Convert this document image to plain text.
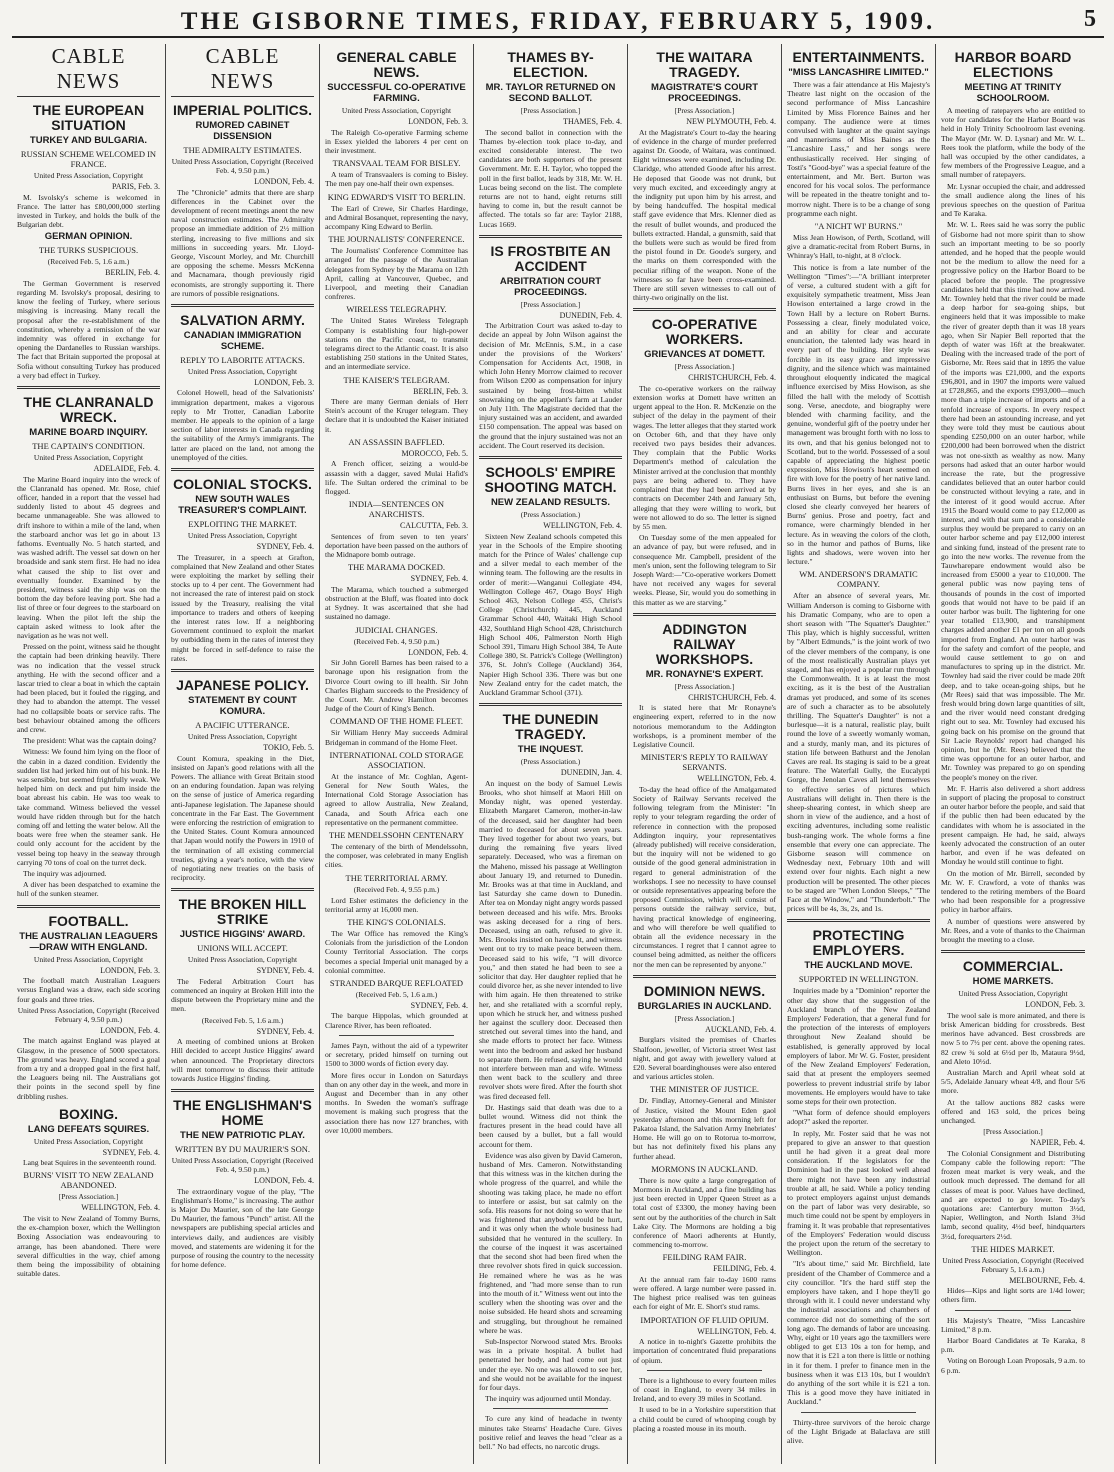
THE GISBORNE TIMES, FRIDAY, FEBRUARY 5, 1909.	5
CABLE NEWS
THE EUROPEAN SITUATION
TURKEY AND BULGARIA.
RUSSIAN SCHEME WELCOMED IN FRANCE.
United Press Association, Copyright
PARIS, Feb. 3.

M. Isvolsky's scheme is welcomed in France. The latter has £80,000,000 sterling invested in Turkey, and holds the bulk of the Bulgarian debt.

GERMAN OPINION.
THE TURKS SUSPICIOUS.
(Received Feb. 5, 1.6 a.m.)
BERLIN, Feb. 4.

The German Government is reserved regarding M. Isvolsky's proposal, desiring to know the feeling of Turkey, where serious misgiving is increasing. Many recall the proposal after the re-establishment of the constitution, whereby a remission of the war indemnity was offered in exchange for opening the Dardanelles to Russian warships. The fact that Britain supported the proposal at Sofia without consulting Turkey has produced a very bad effect in Turkey.

THE CLANRANALD WRECK.
MARINE BOARD INQUIRY.
THE CAPTAIN'S CONDITION.
United Press Association, Copyright
ADELAIDE, Feb. 4.

The Marine Board inquiry into the wreck of the Clanranald has opened. Mr. Rose, chief officer, handed in a report that the vessel had suddenly listed to about 45 degrees and became unmanageable. She was allowed to drift inshore to within a mile of the land, when the starboard anchor was let go in about 13 fathoms. Eventually No. 5 hatch started, and was washed adrift. The vessel sat down on her broadside and sank stern first. He had no idea what caused the ship to list over and eventually founder. Examined by the president, witness said the ship was on the bottom the day before leaving port. She had a list of three or four degrees to the starboard on leaving. When the pilot left the ship the captain asked witness to look after the navigation as he was not well.

Pressed on the point, witness said he thought the captain had been drinking heavily. There was no indication that the vessel struck anything. He with the second officer and a lascar tried to clear a boat in which the captain had been placed, but it fouled the rigging, and they had to abandon the attempt. The vessel had no collapsible boats or service rafts. The best behaviour obtained among the officers and crew.

The president: What was the captain doing?

Witness: We found him lying on the floor of the cabin in a dazed condition. Evidently the sudden list had jerked him out of his bunk. He was sensible, but seemed frightfully weak. We helped him on deck and put him inside the boat abreast his cabin. He was too weak to take command. Witness believed the vessel would have ridden through but for the hatch coming off and letting the water below. All the boats were free when the steamer sank. He could only account for the accident by the vessel being top heavy in the seaway through carrying 70 tons of coal on the turret deck.

The inquiry was adjourned.

A diver has been despatched to examine the hull of the sunken steamer.

FOOTBALL.
THE AUSTRALIAN LEAGUERS—DRAW WITH ENGLAND.
United Press Association, Copyright
LONDON, Feb. 3.

The football match Australian Leaguers versus England was a draw, each side scoring four goals and three tries.

United Press Association, Copyright (Received February 4, 9.50 p.m.)
LONDON, Feb. 4.

The match against England was played at Glasgow, in the presence of 5000 spectators. The ground was heavy. England scored a goal from a try and a dropped goal in the first half, the Leaguers being nil. The Australians got their points in the second spell by fine dribbling rushes.

BOXING.
LANG DEFEATS SQUIRES.
United Press Association, Copyright
SYDNEY, Feb. 4.

Lang beat Squires in the seventeenth round.

BURNS' VISIT TO NEW ZEALAND ABANDONED.
[Press Association.]
WELLINGTON, Feb. 4.

The visit to New Zealand of Tommy Burns, the ex-champion boxer, which the Wellington Boxing Association was endeavouring to arrange, has been abandoned. There were several difficulties in the way, chief among them being the impossibility of obtaining suitable dates.

CABLE NEWS
IMPERIAL POLITICS.
RUMORED CABINET DISSENSION
THE ADMIRALTY ESTIMATES.
United Press Association, Copyright (Received Feb. 4, 9.50 p.m.)
LONDON, Feb. 4.

The "Chronicle" admits that there are sharp differences in the Cabinet over the development of recent meetings anent the new naval construction estimates. The Admiralty propose an immediate addition of 2½ million sterling, increasing to five millions and six millions in succeeding years. Mr. Lloyd-George, Viscount Morley, and Mr. Churchill are opposing the scheme. Messrs McKenna and Macnamara, though previously rigid economists, are strongly supporting it. There are rumors of possible resignations.

SALVATION ARMY.
CANADIAN IMMIGRATION SCHEME.
REPLY TO LABORITE ATTACKS.
United Press Association, Copyright
LONDON, Feb. 3.

Colonel Howell, head of the Salvationists' immigration department, makes a vigorous reply to Mr Trotter, Canadian Laborite member. He appeals to the opinion of a large section of labor interests in Canada regarding the suitability of the Army's immigrants. The latter are placed on the land, not among the unemployed of the cities.

COLONIAL STOCKS.
NEW SOUTH WALES TREASURER'S COMPLAINT.
EXPLOITING THE MARKET.
United Press Association, Copyright
SYDNEY, Feb. 4.

The Treasurer, in a speech at Grafton, complained that New Zealand and other States were exploiting the market by selling their stocks up to 4 per cent. The Government had not increased the rate of interest paid on stock issued by the Treasury, realising the vital importance to traders and others of keeping the interest rates low. If a neighboring Government continued to exploit the market by outbidding them in the rates of interest they might be forced in self-defence to raise the rates.

JAPANESE POLICY.
STATEMENT BY COUNT KOMURA.
A PACIFIC UTTERANCE.
United Press Association, Copyright
TOKIO, Feb. 5.

Count Komura, speaking in the Diet, insisted on Japan's good relations with all the Powers. The alliance with Great Britain stood on an enduring foundation. Japan was relying on the sense of justice of America regarding anti-Japanese legislation. The Japanese should concentrate in the Far East. The Government were enforcing the restriction of emigration to the United States. Count Komura announced that Japan would notify the Powers in 1910 of the termination of all existing commercial treaties, giving a year's notice, with the view of negotiating new treaties on the basis of reciprocity.

THE BROKEN HILL STRIKE
JUSTICE HIGGINS' AWARD.
UNIONS WILL ACCEPT.
United Press Association, Copyright
SYDNEY, Feb. 4.

The Federal Arbitration Court has commenced an inquiry at Broken Hill into the dispute between the Proprietary mine and the men.

(Received Feb. 5, 1.6 a.m.)
SYDNEY, Feb. 4.

A meeting of combined unions at Broken Hill decided to accept Justice Higgins' award when announced. The Proprietary directors will meet tomorrow to discuss their attitude towards Justice Higgins' finding.

THE ENGLISHMAN'S HOME
THE NEW PATRIOTIC PLAY.
WRITTEN BY DU MAURIER'S SON.
United Press Association, Copyright (Received Feb. 4, 9.50 p.m.)
LONDON, Feb. 4.

The extraordinary vogue of the play, "The Englishman's Home," is increasing. The author is Major Du Maurier, son of the late George Du Maurier, the famous "Punch" artist. All the newspapers are publishing special articles and interviews daily, and audiences are visibly moved, and statements are widening it for the purpose of rousing the country to the necessity for home defence.

GENERAL CABLE NEWS.
SUCCESSFUL CO-OPERATIVE FARMING.
United Press Association, Copyright
LONDON, Feb. 3.

The Raleigh Co-operative Farming scheme in Essex yielded the laborers 4 per cent on their investment.

TRANSVAAL TEAM FOR BISLEY.

A team of Transvaalers is coming to Bisley. The men pay one-half their own expenses.

KING EDWARD'S VISIT TO BERLIN.

The Earl of Crewe, Sir Charles Hardinge, and Admiral Bosanquet, representing the navy, accompany King Edward to Berlin.

THE JOURNALISTS' CONFERENCE.

The Journalists' Conference Committee has arranged for the passage of the Australian delegates from Sydney by the Marama on 12th April, calling at Vancouver, Quebec, and Liverpool, and meeting their Canadian confreres.

WIRELESS TELEGRAPHY.

The United States Wireless Telegraph Company is establishing four high-power stations on the Pacific coast, to transmit telegrams direct to the Atlantic coast. It is also establishing 250 stations in the United States, and an intermediate service.

THE KAISER'S TELEGRAM.
BERLIN, Feb. 3.

There are many German denials of Herr Stein's account of the Kruger telegram. They declare that it is undoubted the Kaiser initiated it.

AN ASSASSIN BAFFLED.
MOROCCO, Feb. 5.

A French officer, seizing a would-be assassin with a dagger, saved Mulai Hafid's life. The Sultan ordered the criminal to be flogged.

INDIA—SENTENCES ON ANARCHISTS.
CALCUTTA, Feb. 3.

Sentences of from seven to ten years' deportation have been passed on the authors of the Midnapore bomb outrage.

THE MARAMA DOCKED.
SYDNEY, Feb. 4.

The Marama, which touched a submerged obstruction at the Bluff, was floated into dock at Sydney. It was ascertained that she had sustained no damage.

JUDICIAL CHANGES.
(Received Feb. 4, 9.50 p.m.)
LONDON, Feb. 4.

Sir John Gorell Barnes has been raised to a baronage upon his resignation from the Divorce Court owing to ill health. Sir John Charles Bigham succeeds to the Presidency of the Court. Mr. Andrew Hamilton becomes Judge of the Court of King's Bench.

COMMAND OF THE HOME FLEET.

Sir William Henry May succeeds Admiral Bridgeman in command of the Home Fleet.

INTERNATIONAL COLD STORAGE ASSOCIATION.

At the instance of Mr. Coghlan, Agent-General for New South Wales, the International Cold Storage Association has agreed to allow Australia, New Zealand, Canada, and South Africa each one representative on the permanent committee.

THE MENDELSSOHN CENTENARY

The centenary of the birth of Mendelssohn, the composer, was celebrated in many English cities.

THE TERRITORIAL ARMY.
(Received Feb. 4, 9.55 p.m.)

Lord Esher estimates the deficiency in the territorial army at 16,000 men.

THE KING'S COLONIALS.

The War Office has removed the King's Colonials from the jurisdiction of the London County Territorial Association. The corps becomes a special Imperial unit managed by a colonial committee.

STRANDED BARQUE REFLOATED
(Received Feb. 5, 1.6 a.m.)
SYDNEY, Feb. 4.

The barque Hippolas, which grounded at Clarence River, has been refloated.

James Payn, without the aid of a typewriter or secretary, prided himself on turning out 1500 to 3000 words of fiction every day.

More fires occur in London on Saturdays than on any other day in the week, and more in August and December than in any other months. In Sweden the woman's suffrage movement is making such progress that the association there has now 127 branches, with over 10,000 members.

THAMES BY-ELECTION.
MR. TAYLOR RETURNED ON SECOND BALLOT.
[Press Association.]
THAMES, Feb. 4.

The second ballot in connection with the Thames by-election took place to-day, and excited considerable interest. The two candidates are both supporters of the present Government. Mr. E. H. Taylor, who topped the poll in the first ballot, leads by 318, Mr. W. H. Lucas being second on the list. The complete returns are not to hand, eight returns still having to come in, but the result cannot be affected. The totals so far are: Taylor 2188, Lucas 1669.

IS FROSTBITE AN ACCIDENT
ARBITRATION COURT PROCEEDINGS.
[Press Association.]
DUNEDIN, Feb. 4.

The Arbitration Court was asked to-day to decide an appeal by John Wilson against the decision of Mr. McEnnis, S.M., in a case under the provisions of the Workers' Compensation for Accidents Act, 1908, in which John Henry Morrow claimed to recover from Wilson £200 as compensation for injury sustained by being frost-bitten whilst snowraking on the appellant's farm at Lauder on July 11th. The Magistrate decided that the injury sustained was an accident, and awarded £150 compensation. The appeal was based on the ground that the injury sustained was not an accident. The Court reserved its decision.

SCHOOLS' EMPIRE SHOOTING MATCH.
NEW ZEALAND RESULTS.
(Press Association.)
WELLINGTON, Feb. 4.

Sixteen New Zealand schools competed this year in the Schools of the Empire shooting match for the Prince of Wales' challenge cup and a silver medal to each member of the winning team. The following are the results in order of merit:—Wanganui Collegiate 494, Wellington College 467, Otago Boys' High School 463, Nelson College 455, Christ's College (Christchurch) 445, Auckland Grammar School 440, Waitaki High School 432, Southland High School 428, Christchurch High School 406, Palmerston North High School 391, Timaru High School 384, Te Aute College 380, St. Patrick's College (Wellington) 376, St. John's College (Auckland) 364, Napier High School 336. There was but one New Zealand entry for the cadet match, the Auckland Grammar School (371).

THE DUNEDIN TRAGEDY.
THE INQUEST.
(Press Association.)
DUNEDIN, Jan. 4.

An inquest on the body of Samuel Lewis Brooks, who shot himself at Maori Hill on Monday night, was opened yesterday. Elizabeth Margaret Cameron, mother-in-law of the deceased, said her daughter had been married to deceased for about seven years. They lived together for about two years, but during the remaining five years lived separately. Deceased, who was a fireman on the Maheno, missed his passage at Wellington about January 19, and returned to Dunedin. Mr. Brooks was at that time in Auckland, and last Saturday she came down to Dunedin. After tea on Monday night angry words passed between deceased and his wife. Mrs. Brooks was asking deceased for a ring of hers. Deceased, using an oath, refused to give it. Mrs. Brooks insisted on having it, and witness went out to try to make peace between them. Deceased said to his wife, "I will divorce you," and then stated he had been to see a solicitor that day. Her daughter replied that he could divorce her, as she never intended to live with him again. He then threatened to strike her, and she retaliated with a scornful reply, upon which he struck her, and witness pushed her against the scullery door. Deceased then stretched out several times into the hand, and she made efforts to protect her face. Witness went into the bedroom and asked her husband to separate them. He refused, saying he would not interfere between man and wife. Witness then went back to the scullery and three revolver shots were fired. After the fourth shot was fired deceased fell.

Dr. Hastings said that death was due to a bullet wound. Witness did not think the fractures present in the head could have all been caused by a bullet, but a fall would account for them.

Evidence was also given by David Cameron, husband of Mrs. Cameron. Notwithstanding that this witness was in the kitchen during the whole progress of the quarrel, and while the shooting was taking place, he made no effort to interfere or assist, but sat calmly on the sofa. His reasons for not doing so were that he was frightened that anybody would be hurt, and it was only when the whole business had subsided that he ventured in the scullery. In the course of the inquest it was ascertained that the second shot had been fired when the three revolver shots fired in quick succession. He remained where he was as he was frightened, and "had more sense than to run into the mouth of it." Witness went out into the scullery when the shooting was over and the noise subsided. He heard shots and screaming and struggling, but throughout he remained where he was.

Sub-Inspector Norwood stated Mrs. Brooks was in a private hospital. A bullet had penetrated her body, and had come out just under the eye. No one was allowed to see her, and she would not be available for the inquest for four days.

The inquiry was adjourned until Monday.

To cure any kind of headache in twenty minutes take Stearns' Headache Cure. Gives positive relief and leaves the head "clear as a bell." No bad effects, no narcotic drugs.

THE WAITARA TRAGEDY.
MAGISTRATE'S COURT PROCEEDINGS.
[Press Association.]
NEW PLYMOUTH, Feb. 4.

At the Magistrate's Court to-day the hearing of evidence in the charge of murder preferred against Dr. Goode, of Waitara, was continued. Eight witnesses were examined, including Dr. Claridge, who attended Goode after his arrest. He deposed that Goode was not drunk, but very much excited, and exceedingly angry at the indignity put upon him by his arrest, and by being handcuffed. The hospital medical staff gave evidence that Mrs. Klenner died as the result of bullet wounds, and produced the bullets extracted. Handal, a gunsmith, said that the bullets were such as would be fired from the pistol found in Dr. Goode's surgery, and the marks on them corresponded with the peculiar rifling of the weapon. None of the witnesses so far have been cross-examined. There are still seven witnesses to call out of thirty-two originally on the list.

CO-OPERATIVE WORKERS.
GRIEVANCES AT DOMETT.
[Press Association.]
CHRISTCHURCH, Feb. 4.

The co-operative workers on the railway extension works at Domett have written an urgent appeal to the Hon. R. McKenzie on the subject of the delay in the payment of their wages. The letter alleges that they started work on October 6th, and that they have only received two pays besides their advances. They complain that the Public Works Department's method of calculation the Minister arrived at the conclusion that monthly pays are being adhered to. They have complained that they had been arrived at by contracts on December 24th and January 5th, alleging that they were willing to work, but were not allowed to do so. The letter is signed by 55 men.

On Tuesday some of the men appealed for an advance of pay, but were refused, and in consequence Mr. Campbell, president of the men's union, sent the following telegram to Sir Joseph Ward:—"Co-operative workers Domett have not received any wages for several weeks. Please, Sir, would you do something in this matter as we are starving."

ADDINGTON RAILWAY WORKSHOPS.
MR. RONAYNE'S EXPERT.
[Press Association.]
CHRISTCHURCH, Feb. 4.

It is stated here that Mr Ronayne's engineering expert, referred to in the now notorious memorandum to the Addington workshops, is a prominent member of the Legislative Council.

MINISTER'S REPLY TO RAILWAY SERVANTS.
WELLINGTON, Feb. 4.

To-day the head office of the Amalgamated Society of Railway Servants received the following telegram from the Minister: "In reply to your telegram regarding the order of reference in connection with the proposed Addington inquiry, your representatives (already published) will receive consideration, but the inquiry will not be widened to go outside of the good general administration in regard to general administration of the workshops. I see no necessity to have counsel or outside representatives appearing before the proposed Commission, which will consist of persons outside the railway service, but, having practical knowledge of engineering, and who will therefore be well qualified to obtain all the evidence necessary in the circumstances. I regret that I cannot agree to counsel being admitted, as neither the officers nor the men can be represented by anyone."

DOMINION NEWS.
BURGLARIES IN AUCKLAND.
[Press Association.]
AUCKLAND, Feb. 4.

Burglars visited the premises of Charles Shalfoon, jeweller, of Victoria street West last night, and got away with jewellery valued at £20. Several boardinghouses were also entered and various articles stolen.

THE MINISTER OF JUSTICE.

Dr. Findlay, Attorney-General and Minister of Justice, visited the Mount Eden gaol yesterday afternoon and this morning left for Pakatoa Island, the Salvation Army Inebriates' Home. He will go on to Rotorua to-morrow, but has not definitely fixed his plans any further ahead.

MORMONS IN AUCKLAND.

There is now quite a large congregation of Mormons in Auckland, and a fine building has just been erected in Upper Queen Street as a total cost of £3300, the money having been sent out by the authorities of the church in Salt Lake City. The Mormons are holding a big conference of Maori adherents at Huntly, commencing to-morrow.

FEILDING RAM FAIR.
FEILDING, Feb. 4.

At the annual ram fair to-day 1600 rams were offered. A large number were passed in. The highest price realised was ten guineas each for eight of Mr. E. Short's stud rams.

IMPORTATION OF FLUID OPIUM.
WELLINGTON, Feb. 4.

A notice in to-night's Gazette prohibits the importation of concentrated fluid preparations of opium.

There is a lighthouse to every fourteen miles of coast in England, to every 34 miles in Ireland, and to every 39 miles in Scotland.

It used to be in a Yorkshire superstition that a child could be cured of whooping cough by placing a roasted mouse in its mouth.

ENTERTAINMENTS.
"MISS LANCASHIRE LIMITED."

There was a fair attendance at His Majesty's Theatre last night on the occasion of the second performance of Miss Lancashire Limited by Miss Florence Baines and her company. The audience were at times convulsed with laughter at the quaint sayings and mannerisms of Miss Baines as the "Lancashire Lass," and her songs were enthusiastically received. Her singing of Tosti's "Good-bye" was a special feature of the entertainment, and Mr. Bert. Burton was encored for his vocal solos. The performance will be repeated in the theatre tonight and to-morrow night. There is to be a change of song programme each night.

"A NICHT WI' BURNS."

Miss Jean Howison, of Perth, Scotland, will give a dramatic-recital from Robert Burns, in Whinray's Hall, to-night, at 8 o'clock.

This notice is from a late number of the Wellington "Times":—"A brilliant interpreter of verse, a cultured student with a gift for exquisitely sympathetic treatment, Miss Jean Howison entertained a large crowd in the Town Hall by a lecture on Robert Burns. Possessing a clear, finely modulated voice, and an ability for clear and accurate enunciation, the talented lady was heard in every part of the building. Her style was forcible in its easy grace and impressive dignity, and the silence which was maintained throughout eloquently indicated the magical influence exercised by Miss Howison, as she filled the hall with the melody of Scottish song. Verse, anecdote, and biography were blended with charming facility, and the genuine, wonderful gift of the poetry under her management was brought forth with no loss to its own, and that his genius belonged not to Scotland, but to the world. Possessed of a soul capable of appreciating the highest poetic expression, Miss Howison's heart seemed on fire with love for the poetry of her native land. Burns lives in her eyes, and she is an enthusiast on Burns, but before the evening closed she clearly conveyed her hearers of Burns' genius. Prose and poetry, fact and romance, were charmingly blended in her lecture. As in weaving the colors of the cloth, so in the humor and pathos of Burns, like lights and shadows, were woven into her lecture."

WM. ANDERSON'S DRAMATIC COMPANY.

After an absence of several years, Mr. William Anderson is coming to Gisborne with his Dramatic Company, who are to open a short season with "The Squatter's Daughter." This play, which is highly successful, written by "Albert Edmunds," is the joint work of two of the clever members of the company, is one of the most realistically Australian plays yet staged, and has enjoyed a popular run through the Commonwealth. It is at least the most exciting, as it is the best of the Australian dramas yet produced, and some of its scenes are of such a character as to be absolutely thrilling. The Squatter's Daughter" is not a burlesque—it is a natural, realistic play, built round the love of a sweetly womanly woman, and a sturdy, manly man, and its pictures of station life between Bathurst and the Jenolan Caves are real. Its staging is said to be a great feature. The Waterfall Gully, the Eucalypti Gorge, the Jenolan Caves all lend themselves to effective series of pictures which Australians will delight in. Then there is the sheep-shearing contest, in which sheep are shorn in view of the audience, and a host of exciting adventures, including some realistic bush-ranging work. The whole forms a fine ensemble that every one can appreciate. The Gisborne season will commence on Wednesday next, February 10th and will extend over four nights. Each night a new production will be presented. The other pieces to be staged are "When London Sleeps," "The Face at the Window," and "Thunderbolt." The prices will be 4s, 3s, 2s, and 1s.

PROTECTING EMPLOYERS.
THE AUCKLAND MOVE.
SUPPORTED IN WELLINGTON.

Inquiries made by a "Dominion" reporter the other day show that the suggestion of the Auckland branch of the New Zealand Employers' Federation, that a general fund for the protection of the interests of employers throughout New Zealand should be established, is generally approved by local employers of labor. Mr W. G. Foster, president of the New Zealand Employers' Federation, said that at present the employers seemed powerless to prevent industrial strife by labor movements. He employers would have to take some steps for their own protection.

"What form of defence should employers adopt?" asked the reporter.

In reply, Mr. Foster said that he was not prepared to give an answer to that question until he had given it a great deal more consideration. If the legislators for the Dominion had in the past looked well ahead there might not have been any industrial trouble at all, he said. While a policy tending to protect employers against unjust demands on the part of labor was very desirable, so much time could not be spent by employers in framing it. It was probable that representatives of the Employers' Federation would discuss the project upon the return of the secretary to Wellington.

"It's about time," said Mr. Birchfield, late president of the Chamber of Commerce and a city councillor. "It's the hard stiff step the employers have taken, and I hope they'll go through with it. I could never understand why the industrial associations and chambers of commerce did not do something of the sort long ago. The demands of labor are unceasing. Why, eight or 10 years ago the taxmillers were obliged to get £13 10s a ton for hemp, and now that it is £21 a ton there is little or nothing in it for them. I prefer to finance men in the business when it was £13 10s, but I wouldn't do anything of the sort while it is £21 a ton. This is a good move they have initiated in Auckland."

Thirty-three survivors of the heroic charge of the Light Brigade at Balaclava are still alive.

HARBOR BOARD ELECTIONS
MEETING AT TRINITY SCHOOLROOM.

A meeting of ratepayers who are entitled to vote for candidates for the Harbor Board was held in Holy Trinity Schoolroom last evening. The Mayor (Mr. W. D. Lysnar) and Mr. W. L. Rees took the platform, while the body of the hall was occupied by the other candidates, a few members of the Progressive League, and a small number of ratepayers.

Mr. Lysnar occupied the chair, and addressed the small audience along the lines of his previous speeches on the question of Paritua and Te Karaka.

Mr. W. L. Rees said he was sorry the public of Gisborne had not more spirit than to show such an important meeting to be so poorly attended, and he hoped that the people would not be the medium to allow the need for a progressive policy on the Harbor Board to be placed before the people. The progressive candidates held that this time had now arrived. Mr. Townley held that the river could be made a deep harbor for sea-going ships, but engineers held that it was impossible to make the river of greater depth than it was 18 years ago, when Sir Napier Bell reported that the depth of water was 16ft at the breakwater. Dealing with the increased trade of the port of Gisborne, Mr. Rees said that in 1895 the value of the imports was £21,000, and the exports £96,801, and in 1907 the imports were valued at £728,865, and the exports £993,000—much more than a triple increase of imports and of a tenfold increase of exports. In every respect there had been an astounding increase, and yet they were told they must be cautious about spending £250,000 on an outer harbor, while £200,000 had been borrowed when the district was not one-sixth as wealthy as now. Many persons had asked that an outer harbor would increase the rate, but the progressive candidates believed that an outer harbor could be constructed without levying a rate, and in the interest of it good would accrue. After 1915 the Board would come to pay £12,000 as interest, and with that sum and a considerable surplus they would be prepared to carry on an outer harbor scheme and pay £12,000 interest and sinking fund, instead of the present rate to go into the new works. The revenue from the Tauwharepare endowment would also be increased from £5000 a year to £10,000. The general public was now paying tens of thousands of pounds in the cost of imported goods that would not have to be paid if an outer harbor was built. The lightering for one year totalled £13,900, and transhipment charges added another £1 per ton on all goods imported from England. An outer harbor was for the safety and comfort of the people, and would cause settlement to go on and manufactures to spring up in the district. Mr. Townley had said the river could be made 20ft deep, and to take ocean-going ships, but he (Mr Rees) said that was impossible. The Mr. fresh would bring down large quantities of silt, and the river would need constant dredging right out to sea. Mr. Townley had excused his going back on his promise on the ground that Sir Lacie Reynolds' report had changed his opinion, but he (Mr. Rees) believed that the time was opportune for an outer harbor, and Mr. Townley was prepared to go on spending the people's money on the river.

Mr. F. Harris also delivered a short address in support of placing the proposal to construct an outer harbor before the people, and said that if the public then had been educated by the candidates with whom he is associated in the present campaign. He had, he said, always keenly advocated the construction of an outer harbor, and even if he was defeated on Monday he would still continue to fight.

On the motion of Mr. Birrell, seconded by Mr. W. F. Crawford, a vote of thanks was tendered to the retiring members of the Board who had been responsible for a progressive policy in harbor affairs.

A number of questions were answered by Mr. Rees, and a vote of thanks to the Chairman brought the meeting to a close.

COMMERCIAL.
HOME MARKETS.
United Press Association, Copyright
LONDON, Feb. 3.

The wool sale is more animated, and there is brisk American bidding for crossbreds. Best merinos have advanced. Best crossbreds are now 5 to 7½ per cent. above the opening rates. 82 crew ¾ sold at 6½d per lb, Mataura 9½d, and Aleto 10½d.

Australian March and April wheat sold at 5/5, Adelaide January wheat 4/8, and flour 5/6 more.

At the tallow auctions 882 casks were offered and 163 sold, the prices being unchanged.

[Press Association.]
NAPIER, Feb. 4.

The Colonial Consignment and Distributing Company cable the following report: "The frozen meat market is very weak, and the outlook much depressed. The demand for all classes of meat is poor. Values have declined, and are expected to go lower. To-day's quotations are: Canterbury mutton 3½d, Napier, Wellington, and North Island 3¾d lamb, second quality, 4½d beef, hindquarters 3½d, forequarters 2½d.

THE HIDES MARKET.
United Press Association, Copyright (Received February 5, 1.6 a.m.)
MELBOURNE, Feb. 4.

Hides—Kips and light sorts are 1/4d lower; others firm.

His Majesty's Theatre, "Miss Lancashire Limited," 8 p.m.

Harbor Board Candidates at Te Karaka, 8 p.m.

Voting on Borough Loan Proposals, 9 a.m. to 6 p.m.
